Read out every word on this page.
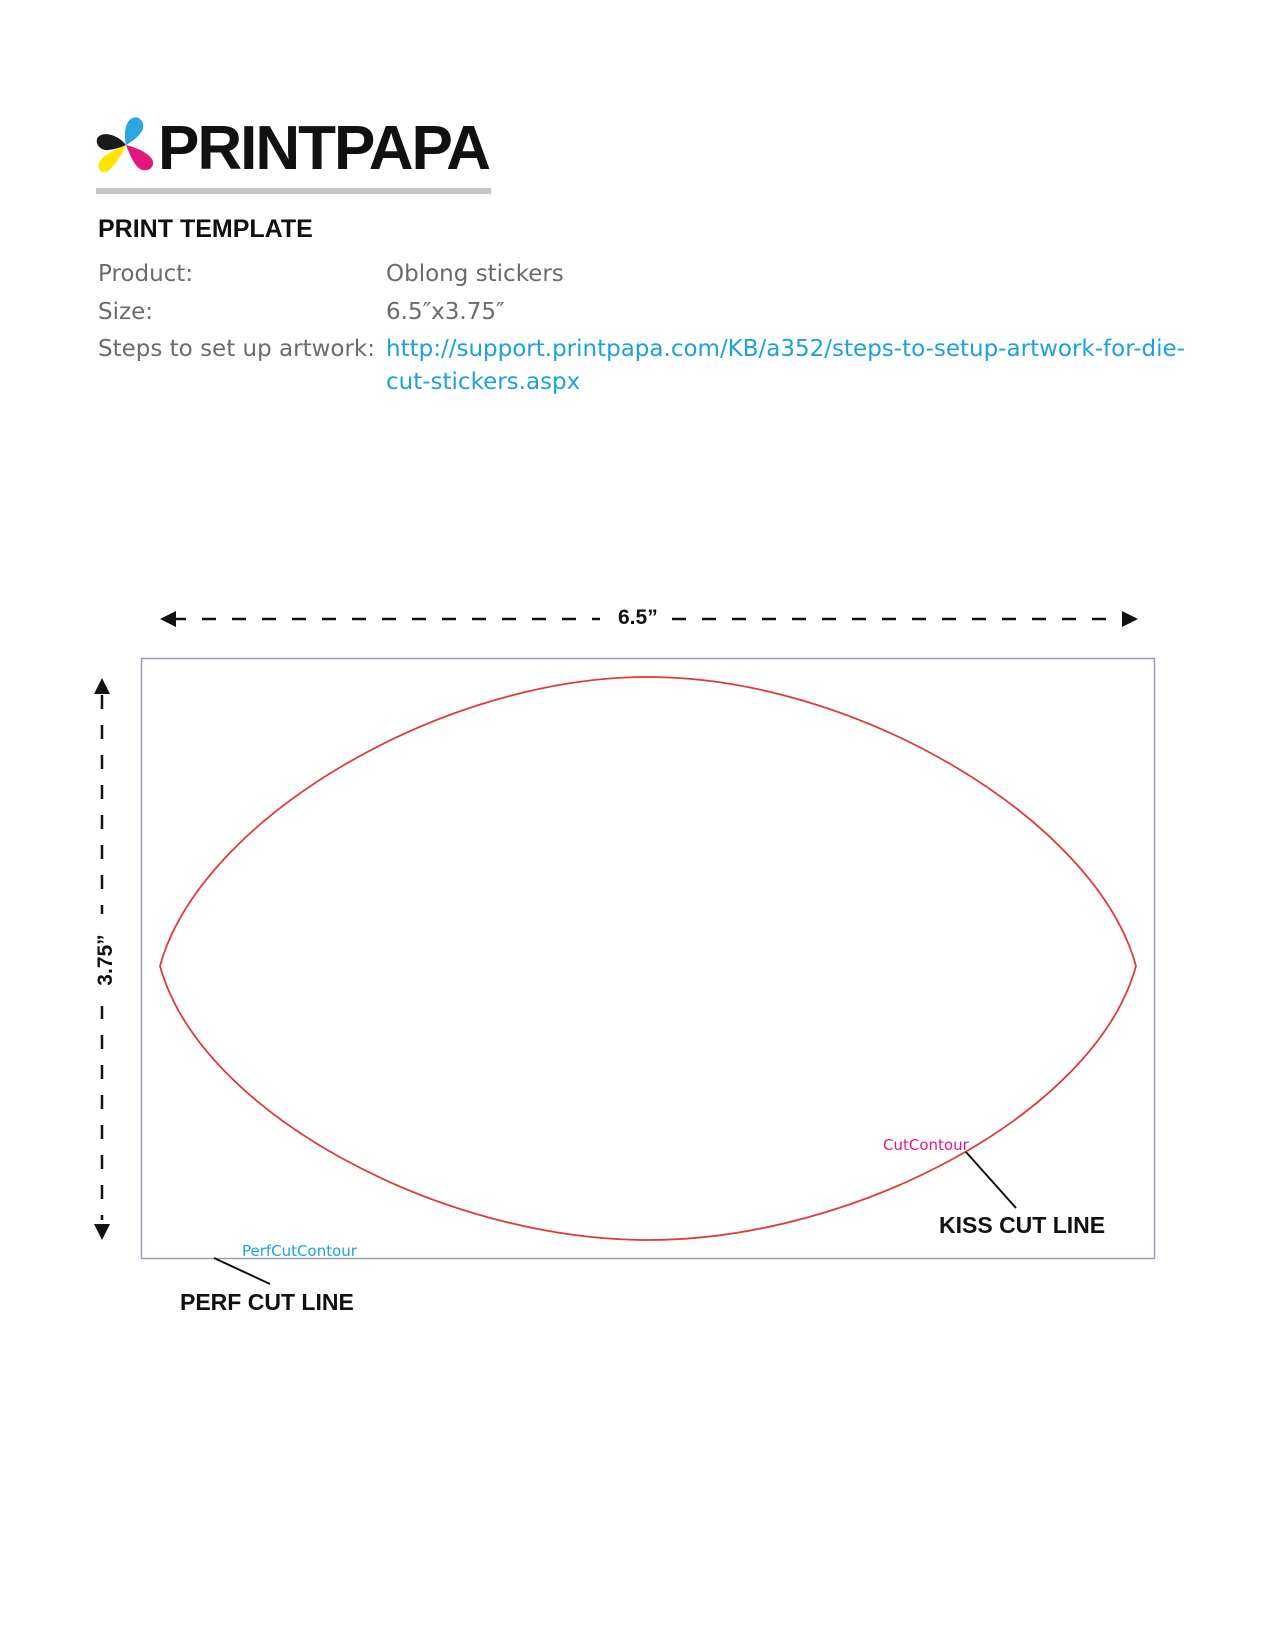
PRINTPAPA
PRINT TEMPLATE
Product:	Oblong stickers
Size:	6.5″x3.75″
Steps to set up artwork: http://support.printpapa.com/KB/a352/steps-to-setup-artwork-for-die-
cut-stickers.aspx
6.5”
3.75”
CutContour
KISS CUT LINE
PerfCutContour
PERF CUT LINE
